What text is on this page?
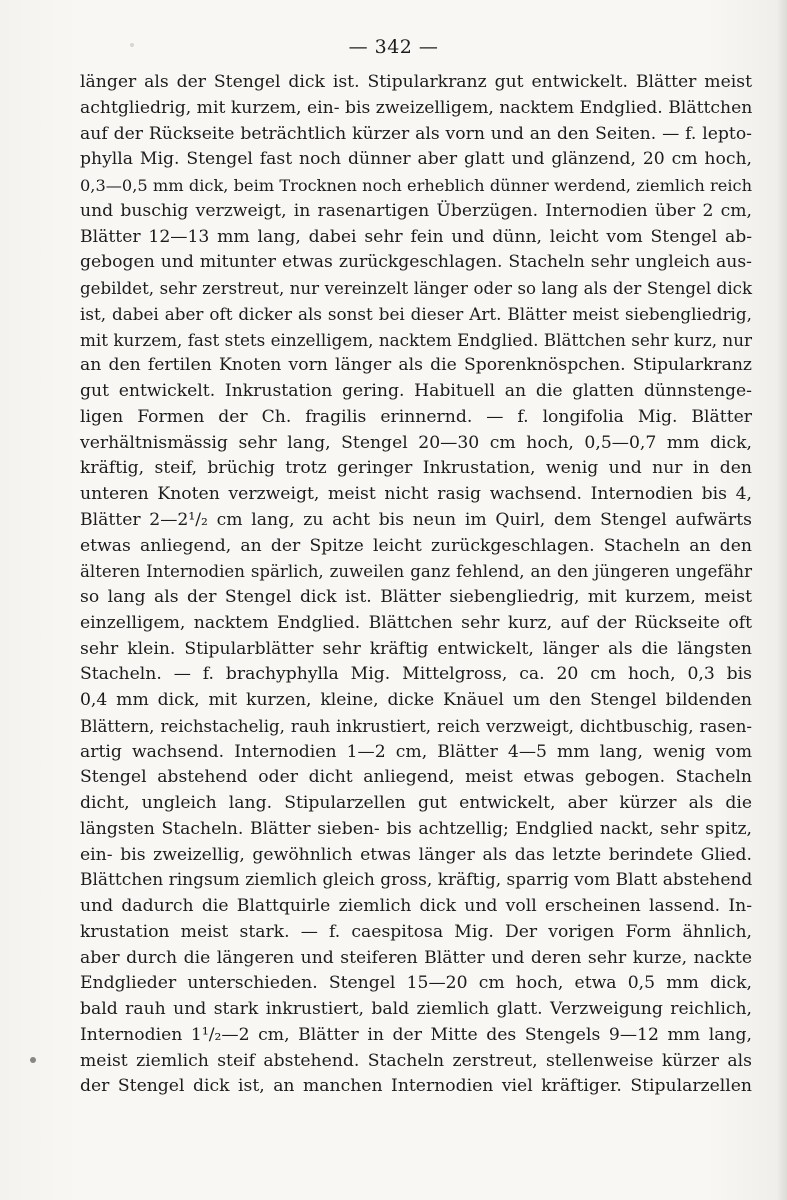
— 342 —
länger als der Stengel dick ist. Stipularkranz gut entwickelt. Blätter meist
achtgliedrig, mit kurzem, ein- bis zweizelligem, nacktem Endglied. Blättchen
auf der Rückseite beträchtlich kürzer als vorn und an den Seiten. — f. lepto-
phylla Mig. Stengel fast noch dünner aber glatt und glänzend, 20 cm hoch,
0,3—0,5 mm dick, beim Trocknen noch erheblich dünner werdend, ziemlich reich
und buschig verzweigt, in rasenartigen Überzügen. Internodien über 2 cm,
Blätter 12—13 mm lang, dabei sehr fein und dünn, leicht vom Stengel ab-
gebogen und mitunter etwas zurückgeschlagen. Stacheln sehr ungleich aus-
gebildet, sehr zerstreut, nur vereinzelt länger oder so lang als der Stengel dick
ist, dabei aber oft dicker als sonst bei dieser Art. Blätter meist siebengliedrig,
mit kurzem, fast stets einzelligem, nacktem Endglied. Blättchen sehr kurz, nur
an den fertilen Knoten vorn länger als die Sporenknöspchen. Stipularkranz
gut entwickelt. Inkrustation gering. Habituell an die glatten dünnstenge-
ligen Formen der Ch. fragilis erinnernd. — f. longifolia Mig. Blätter
verhältnismässig sehr lang, Stengel 20—30 cm hoch, 0,5—0,7 mm dick,
kräftig, steif, brüchig trotz geringer Inkrustation, wenig und nur in den
unteren Knoten verzweigt, meist nicht rasig wachsend. Internodien bis 4,
Blätter 2—2¹/₂ cm lang, zu acht bis neun im Quirl, dem Stengel aufwärts
etwas anliegend, an der Spitze leicht zurückgeschlagen. Stacheln an den
älteren Internodien spärlich, zuweilen ganz fehlend, an den jüngeren ungefähr
so lang als der Stengel dick ist. Blätter siebengliedrig, mit kurzem, meist
einzelligem, nacktem Endglied. Blättchen sehr kurz, auf der Rückseite oft
sehr klein. Stipularblätter sehr kräftig entwickelt, länger als die längsten
Stacheln. — f. brachyphylla Mig. Mittelgross, ca. 20 cm hoch, 0,3 bis
0,4 mm dick, mit kurzen, kleine, dicke Knäuel um den Stengel bildenden
Blättern, reichstachelig, rauh inkrustiert, reich verzweigt, dichtbuschig, rasen-
artig wachsend. Internodien 1—2 cm, Blätter 4—5 mm lang, wenig vom
Stengel abstehend oder dicht anliegend, meist etwas gebogen. Stacheln
dicht, ungleich lang. Stipularzellen gut entwickelt, aber kürzer als die
längsten Stacheln. Blätter sieben- bis achtzellig; Endglied nackt, sehr spitz,
ein- bis zweizellig, gewöhnlich etwas länger als das letzte berindete Glied.
Blättchen ringsum ziemlich gleich gross, kräftig, sparrig vom Blatt abstehend
und dadurch die Blattquirle ziemlich dick und voll erscheinen lassend. In-
krustation meist stark. — f. caespitosa Mig. Der vorigen Form ähnlich,
aber durch die längeren und steiferen Blätter und deren sehr kurze, nackte
Endglieder unterschieden. Stengel 15—20 cm hoch, etwa 0,5 mm dick,
bald rauh und stark inkrustiert, bald ziemlich glatt. Verzweigung reichlich,
Internodien 1¹/₂—2 cm, Blätter in der Mitte des Stengels 9—12 mm lang,
meist ziemlich steif abstehend. Stacheln zerstreut, stellenweise kürzer als
der Stengel dick ist, an manchen Internodien viel kräftiger. Stipularzellen
